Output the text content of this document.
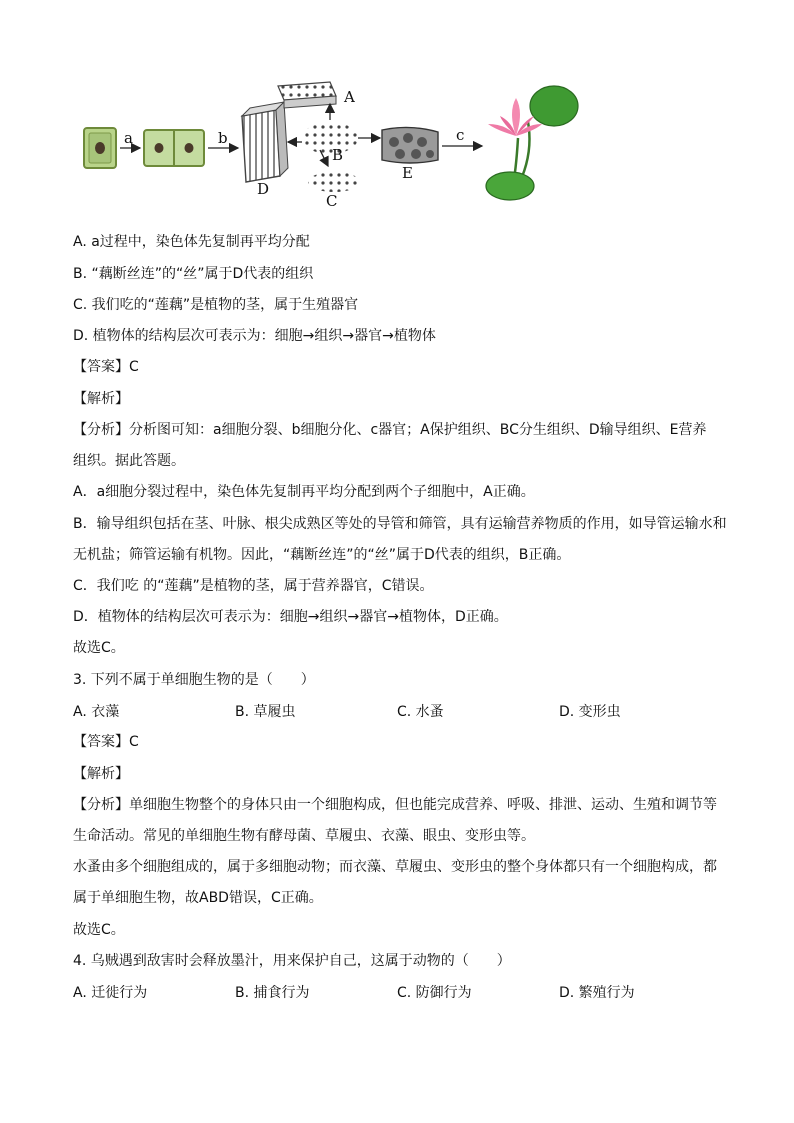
a	b
D
A
B
C
E
c
A. a过程中，染色体先复制再平均分配
B. “藕断丝连”的“丝”属于D代表的组织
C. 我们吃的“莲藕”是植物的茎，属于生殖器官
D. 植物体的结构层次可表示为：细胞→组织→器官→植物体
【答案】C
【解析】
【分析】分析图可知：a细胞分裂、b细胞分化、c器官；A保护组织、BC分生组织、D输导组织、E营养
组织。据此答题。
A．a细胞分裂过程中，染色体先复制再平均分配到两个子细胞中，A正确。
B．输导组织包括在茎、叶脉、根尖成熟区等处的导管和筛管，具有运输营养物质的作用，如导管运输水和
无机盐；筛管运输有机物。因此，“藕断丝连”的“丝”属于D代表的组织，B正确。
C．我们吃 的“莲藕”是植物的茎，属于营养器官，C错误。
D．植物体的结构层次可表示为：细胞→组织→器官→植物体，D正确。
故选C。
3. 下列不属于单细胞生物的是（　　）
A. 衣藻	B. 草履虫	C. 水蚤	D. 变形虫
【答案】C
【解析】
【分析】单细胞生物整个的身体只由一个细胞构成，但也能完成营养、呼吸、排泄、运动、生殖和调节等
生命活动。常见的单细胞生物有酵母菌、草履虫、衣藻、眼虫、变形虫等。
水蚤由多个细胞组成的，属于多细胞动物；而衣藻、草履虫、变形虫的整个身体都只有一个细胞构成，都
属于单细胞生物，故ABD错误，C正确。
故选C。
4. 乌贼遇到敌害时会释放墨汁，用来保护自己，这属于动物的（　　）
A. 迁徙行为	B. 捕食行为	C. 防御行为	D. 繁殖行为
